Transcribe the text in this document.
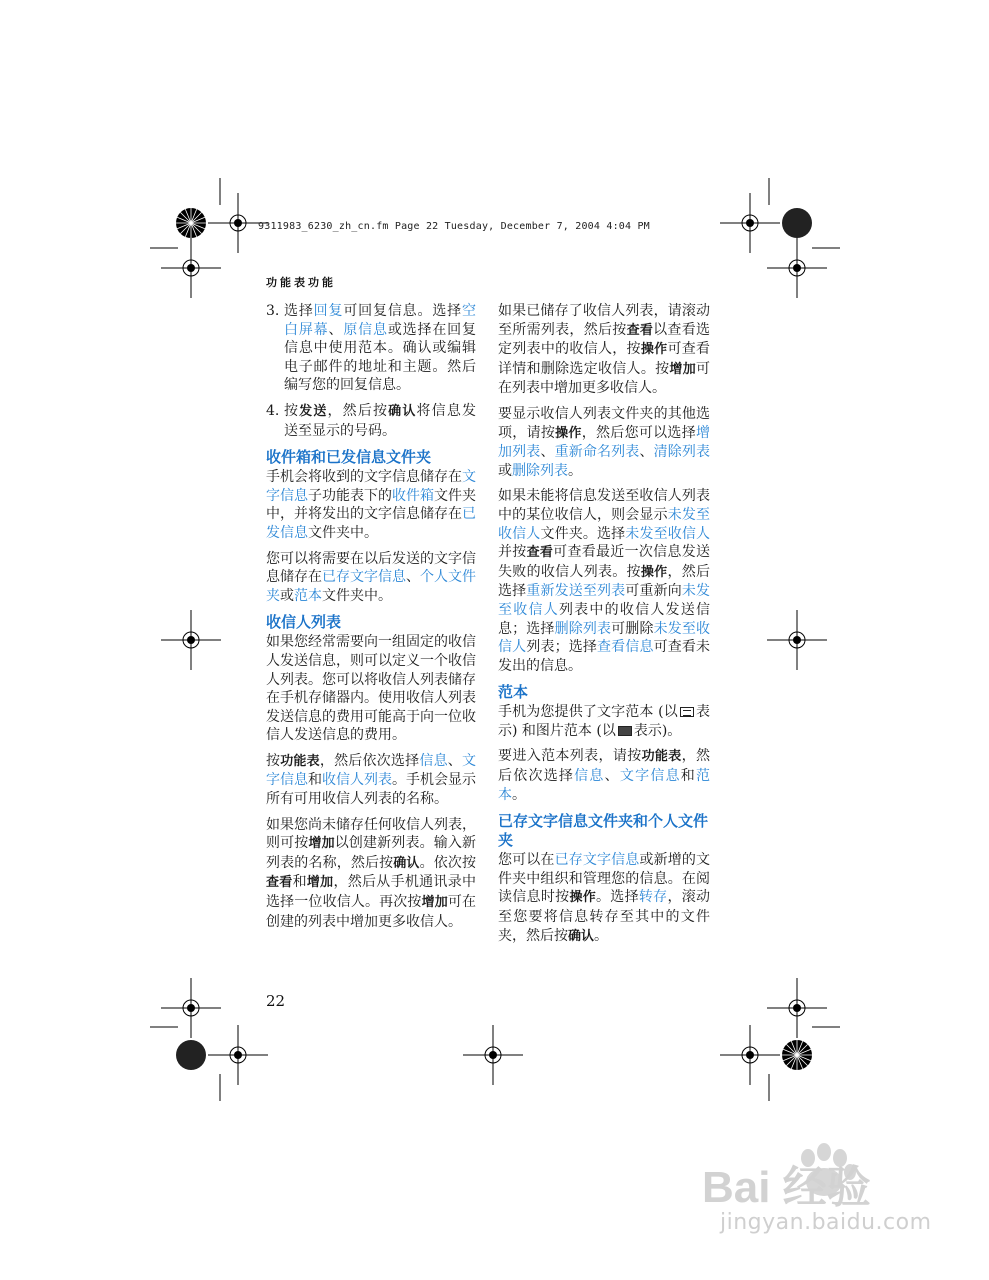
9311983_6230_zh_cn.fm Page 22 Tuesday, December 7, 2004 4:04 PM
功能表功能
3. 选择回复可回复信息。选择空白屏幕、原信息或选择在回复信息中使用范本。确认或编辑电子邮件的地址和主题。然后编写您的回复信息。
4. 按发送，然后按确认将信息发送至显示的号码。
收件箱和已发信息文件夹

手机会将收到的文字信息储存在文字信息子功能表下的收件箱文件夹中，并将发出的文字信息储存在已发信息文件夹中。

您可以将需要在以后发送的文字信息储存在已存文字信息、个人文件夹或范本文件夹中。

收信人列表

如果您经常需要向一组固定的收信人发送信息，则可以定义一个收信人列表。您可以将收信人列表储存在手机存储器内。使用收信人列表发送信息的费用可能高于向一位收信人发送信息的费用。

按功能表，然后依次选择信息、文字信息和收信人列表。手机会显示所有可用收信人列表的名称。

如果您尚未储存任何收信人列表，则可按增加以创建新列表。输入新列表的名称，然后按确认。依次按查看和增加，然后从手机通讯录中选择一位收信人。再次按增加可在创建的列表中增加更多收信人。

如果已储存了收信人列表，请滚动至所需列表，然后按查看以查看选定列表中的收信人，按操作可查看详情和删除选定收信人。按增加可在列表中增加更多收信人。

要显示收信人列表文件夹的其他选项，请按操作，然后您可以选择增加列表、重新命名列表、清除列表或删除列表。

如果未能将信息发送至收信人列表中的某位收信人，则会显示未发至收信人文件夹。选择未发至收信人并按查看可查看最近一次信息发送失败的收信人列表。按操作，然后选择重新发送至列表可重新向未发至收信人列表中的收信人发送信息；选择删除列表可删除未发至收信人列表；选择查看信息可查看未发出的信息。

范本

手机为您提供了文字范本 (以 表示) 和图片范本 (以 表示)。

要进入范本列表，请按功能表，然后依次选择信息、文字信息和范本。

已存文字信息文件夹和个人文件夹

您可以在已存文字信息或新增的文件夹中组织和管理您的信息。在阅读信息时按操作。选择转存，滚动至您要将信息转存至其中的文件夹，然后按确认。

22
Bai 经验
jingyan.baidu.com
